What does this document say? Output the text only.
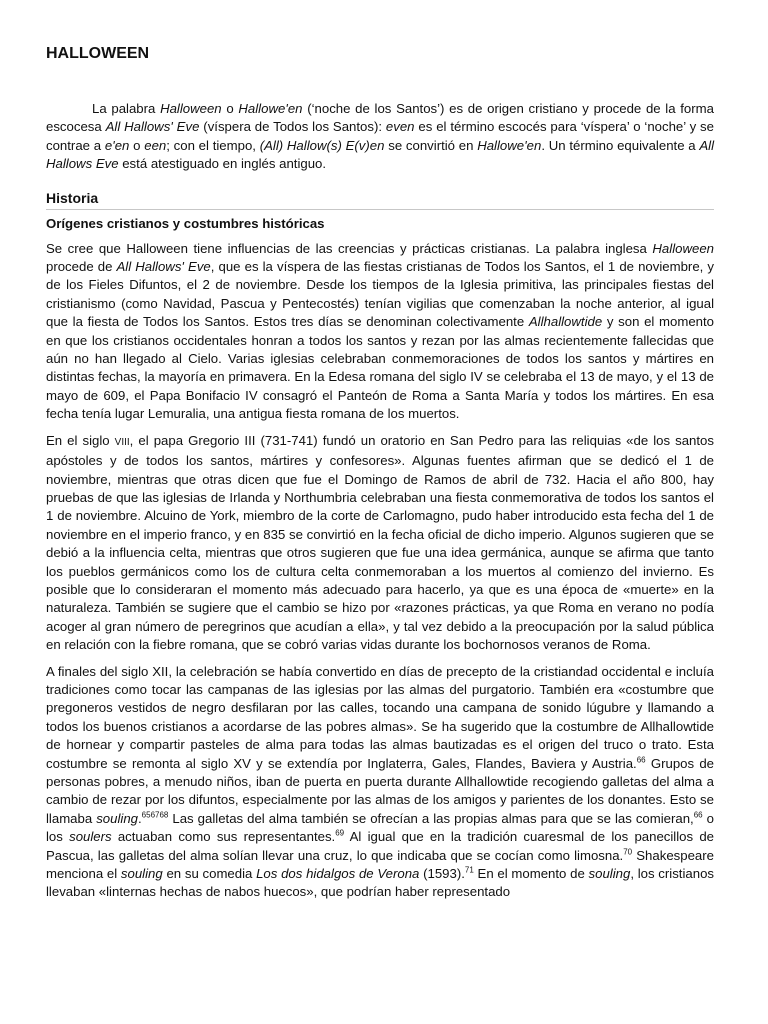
HALLOWEEN

La palabra Halloween o Hallowe'en (‘noche de los Santos’) es de origen cristiano y procede de la forma escocesa All Hallows' Eve (víspera de Todos los Santos): even es el término escocés para ‘víspera’ o ‘noche’ y se contrae a e'en o een; con el tiempo, (All) Hallow(s) E(v)en se convirtió en Hallowe'en. Un término equivalente a All Hallows Eve está atestiguado en inglés antiguo.

Historia
Orígenes cristianos y costumbres históricas

Se cree que Halloween tiene influencias de las creencias y prácticas cristianas. La palabra inglesa Halloween procede de All Hallows' Eve, que es la víspera de las fiestas cristianas de Todos los Santos, el 1 de noviembre, y de los Fieles Difuntos, el 2 de noviembre. Desde los tiempos de la Iglesia primitiva, las principales fiestas del cristianismo (como Navidad, Pascua y Pentecostés) tenían vigilias que comenzaban la noche anterior, al igual que la fiesta de Todos los Santos. Estos tres días se denominan colectivamente Allhallowtide y son el momento en que los cristianos occidentales honran a todos los santos y rezan por las almas recientemente fallecidas que aún no han llegado al Cielo. Varias iglesias celebraban conmemoraciones de todos los santos y mártires en distintas fechas, la mayoría en primavera. En la Edesa romana del siglo IV se celebraba el 13 de mayo, y el 13 de mayo de 609, el Papa Bonifacio IV consagró el Panteón de Roma a Santa María y todos los mártires. En esa fecha tenía lugar Lemuralia, una antigua fiesta romana de los muertos.

En el siglo VIII, el papa Gregorio III (731-741) fundó un oratorio en San Pedro para las reliquias «de los santos apóstoles y de todos los santos, mártires y confesores». Algunas fuentes afirman que se dedicó el 1 de noviembre, mientras que otras dicen que fue el Domingo de Ramos de abril de 732. Hacia el año 800, hay pruebas de que las iglesias de Irlanda y Northumbria celebraban una fiesta conmemorativa de todos los santos el 1 de noviembre. Alcuino de York, miembro de la corte de Carlomagno, pudo haber introducido esta fecha del 1 de noviembre en el imperio franco, y en 835 se convirtió en la fecha oficial de dicho imperio. Algunos sugieren que se debió a la influencia celta, mientras que otros sugieren que fue una idea germánica, aunque se afirma que tanto los pueblos germánicos como los de cultura celta conmemoraban a los muertos al comienzo del invierno. Es posible que lo consideraran el momento más adecuado para hacerlo, ya que es una época de «muerte» en la naturaleza. También se sugiere que el cambio se hizo por «razones prácticas, ya que Roma en verano no podía acoger al gran número de peregrinos que acudían a ella», y tal vez debido a la preocupación por la salud pública en relación con la fiebre romana, que se cobró varias vidas durante los bochornosos veranos de Roma.

A finales del siglo XII, la celebración se había convertido en días de precepto de la cristiandad occidental e incluía tradiciones como tocar las campanas de las iglesias por las almas del purgatorio. También era «costumbre que pregoneros vestidos de negro desfilaran por las calles, tocando una campana de sonido lúgubre y llamando a todos los buenos cristianos a acordarse de las pobres almas». Se ha sugerido que la costumbre de Allhallowtide de hornear y compartir pasteles de alma para todas las almas bautizadas es el origen del truco o trato. Esta costumbre se remonta al siglo XV y se extendía por Inglaterra, Gales, Flandes, Baviera y Austria.$^{66}$ Grupos de personas pobres, a menudo niños, iban de puerta en puerta durante Allhallowtide recogiendo galletas del alma a cambio de rezar por los difuntos, especialmente por las almas de los amigos y parientes de los donantes. Esto se llamaba souling.$^{656768}$ Las galletas del alma también se ofrecían a las propias almas para que se las comieran,$^{66}$ o los soulers actuaban como sus representantes.$^{69}$ Al igual que en la tradición cuaresmal de los panecillos de Pascua, las galletas del alma solían llevar una cruz, lo que indicaba que se cocían como limosna.$^{70}$ Shakespeare menciona el souling en su comedia Los dos hidalgos de Verona (1593).$^{71}$ En el momento de souling, los cristianos llevaban «linternas hechas de nabos huecos», que podrían haber representado
